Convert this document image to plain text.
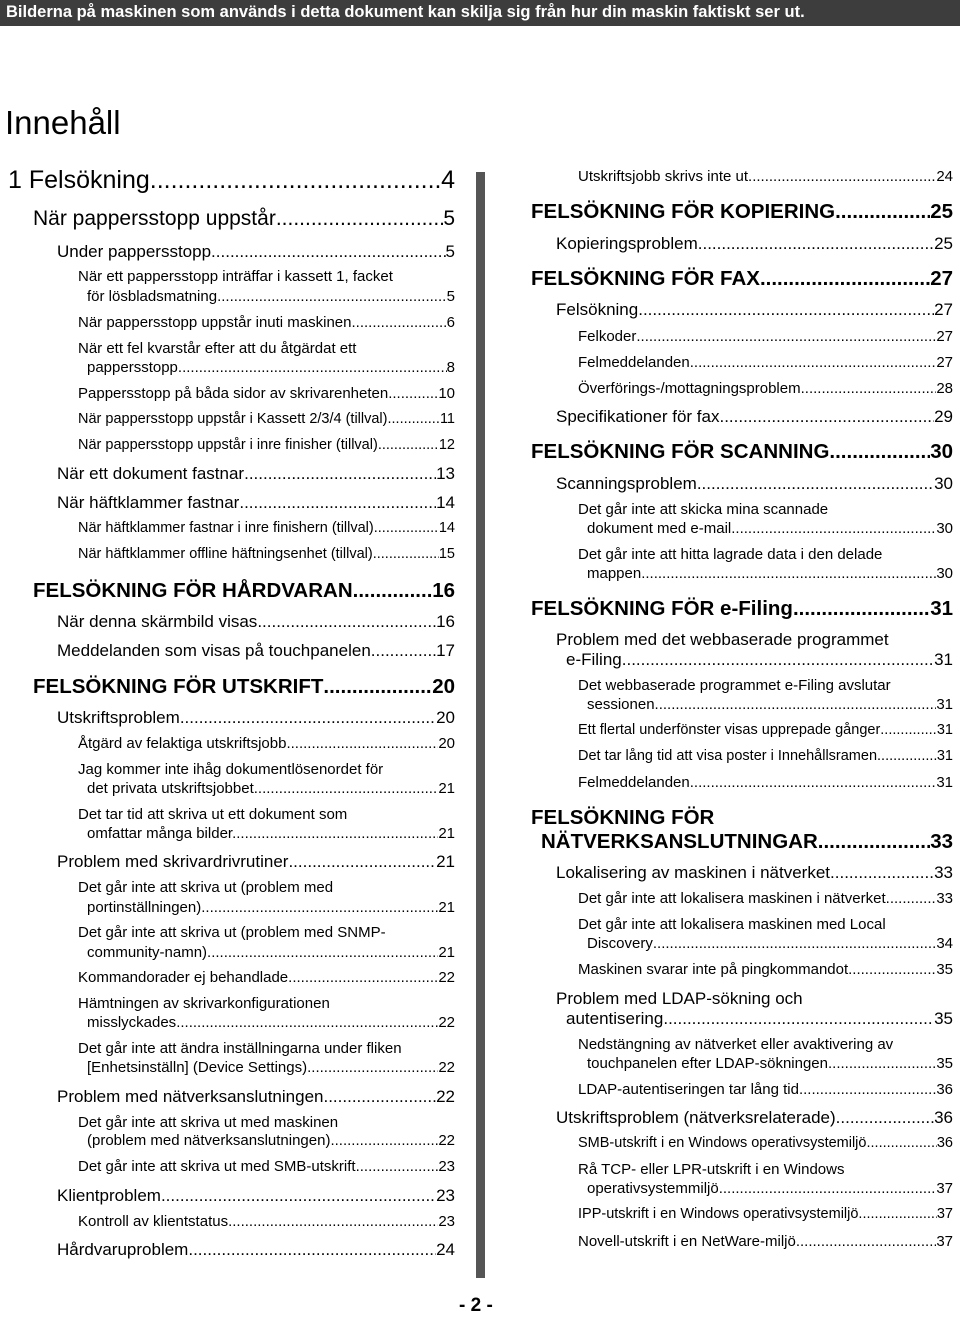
Bilderna på maskinen som används i detta dokument kan skilja sig från hur din maskin faktiskt ser ut.
Innehåll
1 Felsökning .....	4
När pappersstopp uppstår .....	5
Under pappersstopp .....	5
När ett pappersstopp inträffar i kassett 1, facket
för lösbladsmatning .....	5
När pappersstopp uppstår inuti maskinen .....	6
När ett fel kvarstår efter att du åtgärdat ett
pappersstopp .....	8
Pappersstopp på båda sidor av skrivarenheten .....	10
När pappersstopp uppstår i Kassett 2/3/4 (tillval) .....	11
När pappersstopp uppstår i inre finisher (tillval) .....	12
När ett dokument fastnar .....	13
När häftklammer fastnar .....	14
När häftklammer fastnar i inre finishern (tillval) .....	14
När häftklammer offline häftningsenhet (tillval) .....	15
FELSÖKNING FÖR HÅRDVARAN .....	16
När denna skärmbild visas .....	16
Meddelanden som visas på touchpanelen .....	17
FELSÖKNING FÖR UTSKRIFT .....	20
Utskriftsproblem .....	20
Åtgärd av felaktiga utskriftsjobb .....	20
Jag kommer inte ihåg dokumentlösenordet för
det privata utskriftsjobbet .....	21
Det tar tid att skriva ut ett dokument som
omfattar många bilder. .....	21
Problem med skrivardrivrutiner .....	21
Det går inte att skriva ut (problem med
portinställningen) .....	21
Det går inte att skriva ut (problem med SNMP-
community-namn) .....	21
Kommandorader ej behandlade .....	22
Hämtningen av skrivarkonfigurationen
misslyckades .....	22
Det går inte att ändra inställningarna under fliken
[Enhetsinställn] (Device Settings) .....	22
Problem med nätverksanslutningen .....	22
Det går inte att skriva ut med maskinen
(problem med nätverksanslutningen) .....	22
Det går inte att skriva ut med SMB-utskrift .....	23
Klientproblem .....	23
Kontroll av klientstatus .....	23
Hårdvaruproblem .....	24
Utskriftsjobb skrivs inte ut .....	24
FELSÖKNING FÖR KOPIERING .....	25
Kopieringsproblem .....	25
FELSÖKNING FÖR FAX .....	27
Felsökning .....	27
Felkoder .....	27
Felmeddelanden .....	27
Överförings-/mottagningsproblem .....	28
Specifikationer för fax .....	29
FELSÖKNING FÖR SCANNING .....	30
Scanningsproblem .....	30
Det går inte att skicka mina scannade
dokument med e-mail .....	30
Det går inte att hitta lagrade data i den delade
mappen. .....	30
FELSÖKNING FÖR e-Filing .....	31
Problem med det webbaserade programmet
e-Filing .....	31
Det webbaserade programmet e-Filing avslutar
sessionen .....	31
Ett flertal underfönster visas upprepade gånger .....	31
Det tar lång tid att visa poster i Innehållsramen .....	31
Felmeddelanden .....	31
FELSÖKNING FÖR
NÄTVERKSANSLUTNINGAR .....	33
Lokalisering av maskinen i nätverket .....	33
Det går inte att lokalisera maskinen i nätverket .....	33
Det går inte att lokalisera maskinen med Local
Discovery .....	34
Maskinen svarar inte på pingkommandot .....	35
Problem med LDAP-sökning och
autentisering .....	35
Nedstängning av nätverket eller avaktivering av
touchpanelen efter LDAP-sökningen .....	35
LDAP-autentiseringen tar lång tid .....	36
Utskriftsproblem (nätverksrelaterade) .....	36
SMB-utskrift i en Windows operativsystemiljö .....	36
Rå TCP- eller LPR-utskrift i en Windows
operativsystemmiljö .....	37
IPP-utskrift i en Windows operativsystemiljö .....	37
Novell-utskrift i en NetWare-miljö .....	37
- 2 -
